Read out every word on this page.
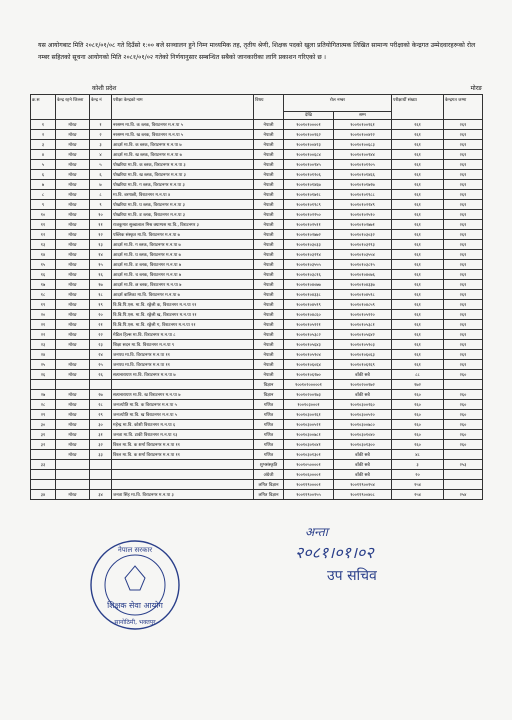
यस आयोगबाट मिति २०८१/०१/०८ गते दिउँसो १:०० बजे सञ्चालन हुने निम्न माध्यमिक तह, तृतीय श्रेणी, शिक्षक पदको खुला प्रतियोगितात्मक लिखित सामान्य परीक्षाको केन्द्रगत उम्मेदवारहरूको रोल नम्बर सहितको सूचना आयोगको मिति २०८१/०१/०२ गतेको निर्णयानुसार सम्बन्धित सबैको जानकारीका लागि प्रकाशन गरिएको छ ।
कोशी प्रदेश	मोरङ
क्र.स	केन्द्र रहने जिल्ला	केन्द्र नं	परीक्षा केन्द्रको नाम	विषय	रोल नम्बर		परीक्षार्थी संख्या	केन्द्रगत जम्मा
					देखि	सम्म		
१	मोरङ	१	नरसम्म मा.वि. क ब्लक, विराटनगर म.न.पा ५	नेपाली	१००१०१००००१	१००१०१००१६१	२६१	२६१
२	मोरङ	२	नरसम्म मा.वि. ख ब्लक, विराटनगर म.न.पा ५	नेपाली	१००१०१००१६२	१००१०१००४२२	२६१	२६१
३	मोरङ	३	आदर्श मा.वि. क ब्लक, विराटनगर म.न.पा ७	नेपाली	१००१०१००४२३	१००१०१००६८३	२६१	२६१
४	मोरङ	४	आदर्श मा.वि. ख ब्लक, विराटनगर म.न.पा ७	नेपाली	१००१०१००६८४	१००१०१००९४४	२६१	२६१
५	मोरङ	५	पोखरिया मा.वि. क ब्लक, विराटनगर म.न.पा ३	नेपाली	१००१०१००९४५	१००१०१०१२०५	२६१	२६१
६	मोरङ	६	पोखरिया मा.वि. ख ब्लक, विराटनगर म.न.पा ३	नेपाली	१००१०१०१२०६	१००१०१०१४६६	२६१	२६१
७	मोरङ	७	पोखरिया मा.वि. ग ब्लक, विराटनगर म.न.पा ३	नेपाली	१००१०१०१४६७	१००१०१०१७२७	२६१	२६१
८	मोरङ	८	मा.वि. बरगाछी, विराटनगर म.न.पा ४	नेपाली	१००१०१०१७२८	१००१०१०१९८८	२६१	२६१
९	मोरङ	९	पोखरिया मा.वि. घ ब्लक, विराटनगर म.न.पा ३	नेपाली	१००१०१०१९८९	१००१०१०२२४९	२६१	२६१
१०	मोरङ	१०	पोखरिया मा.वि. ङ ब्लक, विराटनगर म.न.पा ३	नेपाली	१००१०१०२२५०	१००१०१०२५१०	२६१	२६१
११	मोरङ	११	राजकुमार सुब्बालाल मिश्र क्याम्पस मा.वि., विराटनगर ३	नेपाली	१००१०१०२५११	१००१०१०२७७१	२६१	२६१
१२	मोरङ	१२	पब्लिक संस्कृत मा.वि. विराटनगर म.न.पा ७	नेपाली	१००१०१०२७७२	१००१०१०३०३२	२६१	२६१
१३	मोरङ	१३	आदर्श मा.वि. ग ब्लक, विराटनगर म.न.पा ७	नेपाली	१००१०१०३०३३	१००१०१०३२९३	२६१	२६१
१४	मोरङ	१४	आदर्श मा.वि. घ ब्लक, विराटनगर म.न.पा ७	नेपाली	१००१०१०३२९४	१००१०१०३५५४	२६१	२६१
१५	मोरङ	१५	आदर्श मा.वि. ङ ब्लक, विराटनगर म.न.पा ७	नेपाली	१००१०१०३५५५	१००१०१०३८१५	२६१	२६१
१६	मोरङ	१६	आदर्श मा.वि. च ब्लक, विराटनगर म.न.पा ७	नेपाली	१००१०१०३८१६	१००१०१०४०७६	२६१	२६१
१७	मोरङ	१७	आदर्श मा.वि. छ ब्लक, विराटनगर म.न.पा ७	नेपाली	१००१०१०४०७७	१००१०१०४३३७	२६१	२६१
१८	मोरङ	१८	आदर्श बालिका मा.वि. विराटनगर म.न.पा ७	नेपाली	१००१०१०४३३८	१००१०१०४५९८	२६१	२६१
१९	मोरङ	१९	वि.बि.पि.एस. मा.वि. रङ्गेली क, विराटनगर म.न.पा ११	नेपाली	१००१०१०४५९९	१००१०१०४८५९	२६१	२६१
२०	मोरङ	२०	वि.बि.पि.एस. मा.वि. रङ्गेली ख, विराटनगर म.न.पा ११	नेपाली	१००१०१०४८६०	१००१०१०५१२०	२६१	२६१
२१	मोरङ	२१	वि.बि.पि.एस. मा.वि. रङ्गेली ग, विराटनगर म.न.पा ११	नेपाली	१००१०१०५१२१	१००१०१०५३८१	२६१	२६१
२२	मोरङ	२२	मेडिल हिल्स मा.वि. विराटनगर म.न.पा ८	नेपाली	१००१०१०५३८२	१००१०१०५६४२	२६१	२६१
२३	मोरङ	२३	शिक्षा सदन मा.वि. विराटनगर म.न.पा ९	नेपाली	१००१०१०५६४३	१००१०१०५९०३	२६१	२६१
२४		२४	जनपथ मा.वि. विराटनगर म.न.पा ११	नेपाली	१००१०१०५९०४	१००१०१०६०६३	२६१	२६१
२५	मोरङ	२५	जनपथ मा.वि. विराटनगर म.न.पा ११	नेपाली	१००१०१०६०६४	१००१०१०६२६९	२६१	२६१
२६	मोरङ	२६	सत्यनारायण मा.वि. विराटनगर म.न.पा ७	नेपाली	१००१०१०६२७०	बाँकी सबै	८८	२६०
				विज्ञान	१००१०२०००००१	१००१०२००१७२	१७२	
२७	मोरङ	२७	सत्यनारायण मा.वि. ख विराटनगर म.न.पा ७	विज्ञान	१००१०२००१७३	बाँकी सबै	२६०	२६०
२८	मोरङ	२८	जनज्योति मा.वि. क विराटनगर म.न.पा ५	गणित	१००१०३०००१	१००१०३००२६०	२६०	२६०
२९	मोरङ	२९	जनज्योति मा.वि. ख विराटनगर म.न.पा ५	गणित	१००१०३००२६१	१००१०३००५२०	२६०	२६०
३०	मोरङ	३०	महेन्द्र मा.वि. कोशी विराटनगर म.न.पा ६	गणित	१००१०३००५२१	१००१०३००७८०	२६०	२६०
३१	मोरङ	३१	जनता मा.वि. टाकी विराटनगर म.न.पा १३	गणित	१००१०३००७८१	१००१०३०१०४०	२६०	२६०
३२	मोरङ	३२	विरल मा.वि. क शर्मा विराटनगर म.न.पा ११	गणित	१००१०३०१०४१	१००१०३०१३००	२६०	२६०
	मोरङ	३३	विरल मा.वि. क शर्मा विराटनगर म.न.पा ११	गणित	१००१०३०१३०१	बाँकी सबै	४८	
३३				शुभसंस्कृति	१००१०५००००१	बाँकी सबै	३	२५३
				अंग्रेजी	१००१०६००००१	बाँकी सबै	२०	
				लगित विज्ञान	१००११९००००१	१००११९००१५४	१५४	
३४	मोरङ	३४	जनता सिंह मा.वि. विराटनगर म.न.पा ३	लगित विज्ञान	१००११९००१५५	१००११९००४०८	२५४	२५४
नेपाल सरकार
शिक्षक सेवा आयोग
सानोठिमी, भक्तपुर
अन्ता
२०८१।०१।०२
उप सचिव
